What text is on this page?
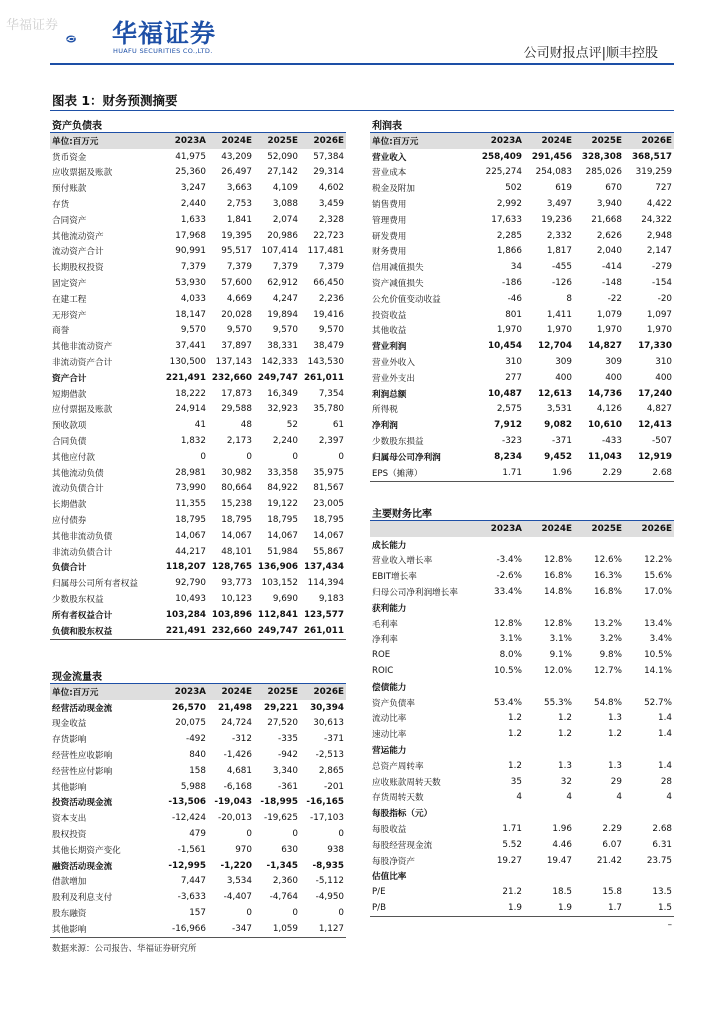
华福证券 华福证券
HUAFU SECURITIES CO.,LTD.	公司财报点评|顺丰控股
图表 1：财务预测摘要
资产负债表				
单位:百万元	2023A	2024E	2025E	2026E
货币资金	41,975	43,209	52,090	57,384
应收票据及账款	25,360	26,497	27,142	29,314
预付账款	3,247	3,663	4,109	4,602
存货	2,440	2,753	3,088	3,459
合同资产	1,633	1,841	2,074	2,328
其他流动资产	17,968	19,395	20,986	22,723
流动资产合计	90,991	95,517	107,414	117,481
长期股权投资	7,379	7,379	7,379	7,379
固定资产	53,930	57,600	62,912	66,450
在建工程	4,033	4,669	4,247	2,236
无形资产	18,147	20,028	19,894	19,416
商誉	9,570	9,570	9,570	9,570
其他非流动资产	37,441	37,897	38,331	38,479
非流动资产合计	130,500	137,143	142,333	143,530
资产合计	221,491	232,660	249,747	261,011
短期借款	18,222	17,873	16,349	7,354
应付票据及账款	24,914	29,588	32,923	35,780
预收款项	41	48	52	61
合同负债	1,832	2,173	2,240	2,397
其他应付款	0	0	0	0
其他流动负债	28,981	30,982	33,358	35,975
流动负债合计	73,990	80,664	84,922	81,567
长期借款	11,355	15,238	19,122	23,005
应付债券	18,795	18,795	18,795	18,795
其他非流动负债	14,067	14,067	14,067	14,067
非流动负债合计	44,217	48,101	51,984	55,867
负债合计	118,207	128,765	136,906	137,434
归属母公司所有者权益	92,790	93,773	103,152	114,394
少数股东权益	10,493	10,123	9,690	9,183
所有者权益合计	103,284	103,896	112,841	123,577
负债和股东权益	221,491	232,660	249,747	261,011
现金流量表				
单位:百万元	2023A	2024E	2025E	2026E
经营活动现金流	26,570	21,498	29,221	30,394
现金收益	20,075	24,724	27,520	30,613
存货影响	-492	-312	-335	-371
经营性应收影响	840	-1,426	-942	-2,513
经营性应付影响	158	4,681	3,340	2,865
其他影响	5,988	-6,168	-361	-201
投资活动现金流	-13,506	-19,043	-18,995	-16,165
资本支出	-12,424	-20,013	-19,625	-17,103
股权投资	479	0	0	0
其他长期资产变化	-1,561	970	630	938
融资活动现金流	-12,995	-1,220	-1,345	-8,935
借款增加	7,447	3,534	2,360	-5,112
股利及利息支付	-3,633	-4,407	-4,764	-4,950
股东融资	157	0	0	0
其他影响	-16,966	-347	1,059	1,127
利润表				
单位:百万元	2023A	2024E	2025E	2026E
营业收入	258,409	291,456	328,308	368,517
营业成本	225,274	254,083	285,026	319,259
税金及附加	502	619	670	727
销售费用	2,992	3,497	3,940	4,422
管理费用	17,633	19,236	21,668	24,322
研发费用	2,285	2,332	2,626	2,948
财务费用	1,866	1,817	2,040	2,147
信用减值损失	34	-455	-414	-279
资产减值损失	-186	-126	-148	-154
公允价值变动收益	-46	8	-22	-20
投资收益	801	1,411	1,079	1,097
其他收益	1,970	1,970	1,970	1,970
营业利润	10,454	12,704	14,827	17,330
营业外收入	310	309	309	310
营业外支出	277	400	400	400
利润总额	10,487	12,613	14,736	17,240
所得税	2,575	3,531	4,126	4,827
净利润	7,912	9,082	10,610	12,413
少数股东损益	-323	-371	-433	-507
归属母公司净利润	8,234	9,452	11,043	12,919
EPS（摊薄）	1.71	1.96	2.29	2.68
主要财务比率				
	2023A	2024E	2025E	2026E
成长能力				
营业收入增长率	-3.4%	12.8%	12.6%	12.2%
EBIT增长率	-2.6%	16.8%	16.3%	15.6%
归母公司净利润增长率	33.4%	14.8%	16.8%	17.0%
获利能力				
毛利率	12.8%	12.8%	13.2%	13.4%
净利率	3.1%	3.1%	3.2%	3.4%
ROE	8.0%	9.1%	9.8%	10.5%
ROIC	10.5%	12.0%	12.7%	14.1%
偿债能力				
资产负债率	53.4%	55.3%	54.8%	52.7%
流动比率	1.2	1.2	1.3	1.4
速动比率	1.2	1.2	1.2	1.4
营运能力				
总资产周转率	1.2	1.3	1.3	1.4
应收账款周转天数	35	32	29	28
存货周转天数	4	4	4	4
每股指标（元）				
每股收益	1.71	1.96	2.29	2.68
每股经营现金流	5.52	4.46	6.07	6.31
每股净资产	19.27	19.47	21.42	23.75
估值比率				
P/E	21.2	18.5	15.8	13.5
P/B	1.9	1.9	1.7	1.5
				–
数据来源：公司报告、华福证券研究所
